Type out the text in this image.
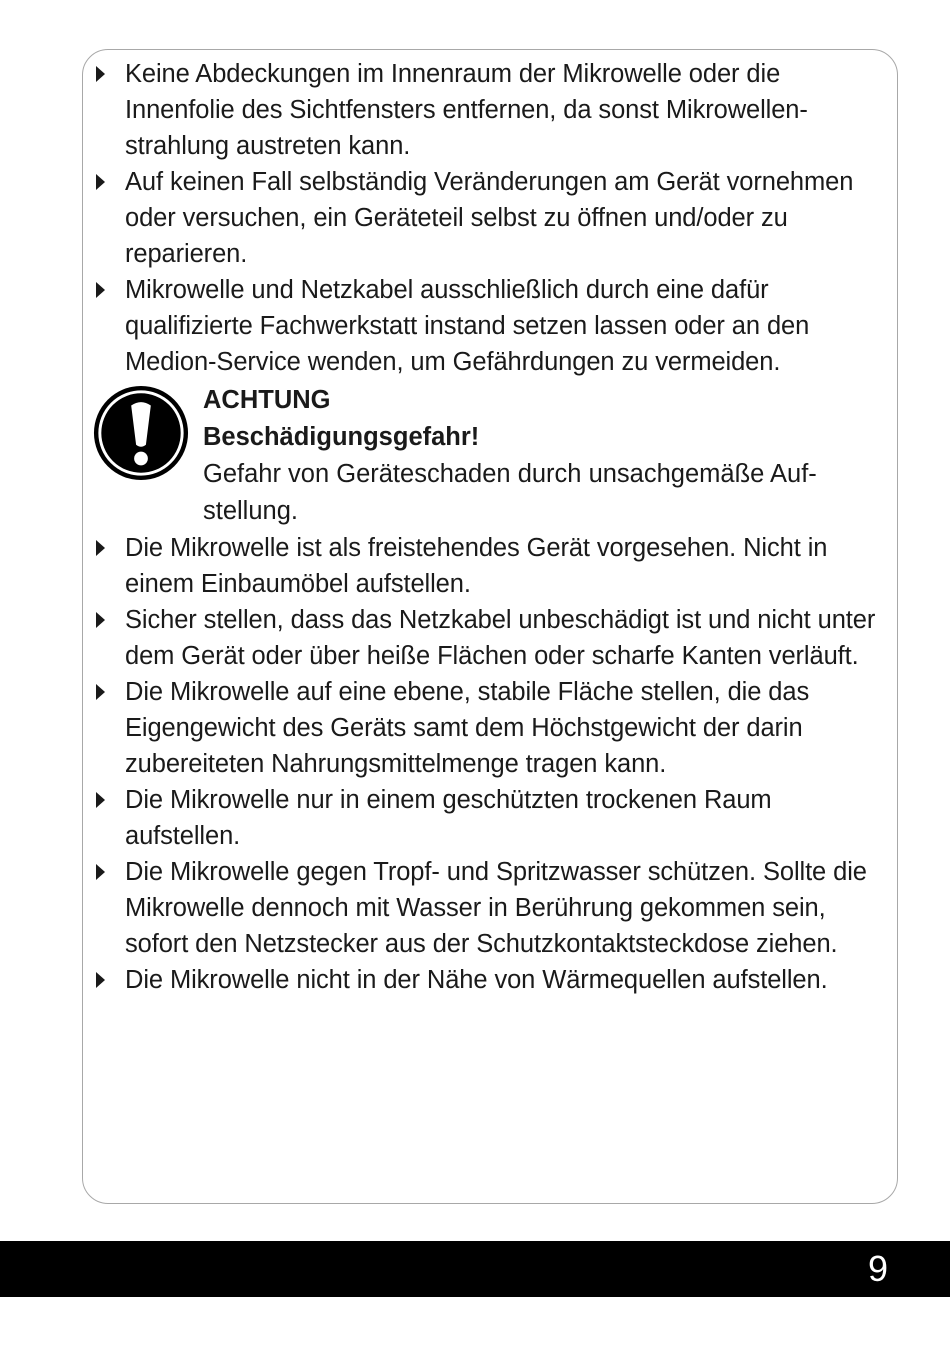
Keine Abdeckungen im Innenraum der Mikrowelle oder die Innenfolie des Sichtfensters entfernen, da sonst Mikrowellenstrahlung austreten kann.
Auf keinen Fall selbständig Veränderungen am Gerät vornehmen oder versuchen, ein Geräteteil selbst zu öffnen und/oder zu reparieren.
Mikrowelle und Netzkabel ausschließlich durch eine dafür qualifizierte Fachwerkstatt instand setzen lassen oder an den Medion-Service wenden, um Gefährdungen zu vermeiden.
ACHTUNG
Beschädigungsgefahr!
Gefahr von Geräteschaden durch unsachgemäße Aufstellung.
Die Mikrowelle ist als freistehendes Gerät vorgesehen. Nicht in einem Einbaumöbel aufstellen.
Sicher stellen, dass das Netzkabel unbeschädigt ist und nicht unter dem Gerät oder über heiße Flächen oder scharfe Kanten verläuft.
Die Mikrowelle auf eine ebene, stabile Fläche stellen, die das Eigengewicht des Geräts samt dem Höchstgewicht der darin zubereiteten Nahrungsmittelmenge tragen kann.
Die Mikrowelle nur in einem geschützten trockenen Raum aufstellen.
Die Mikrowelle gegen Tropf- und Spritzwasser schützen. Sollte die Mikrowelle dennoch mit Wasser in Berührung gekommen sein, sofort den Netzstecker aus der Schutzkontaktsteckdose ziehen.
Die Mikrowelle nicht in der Nähe von Wärmequellen aufstellen.
9
